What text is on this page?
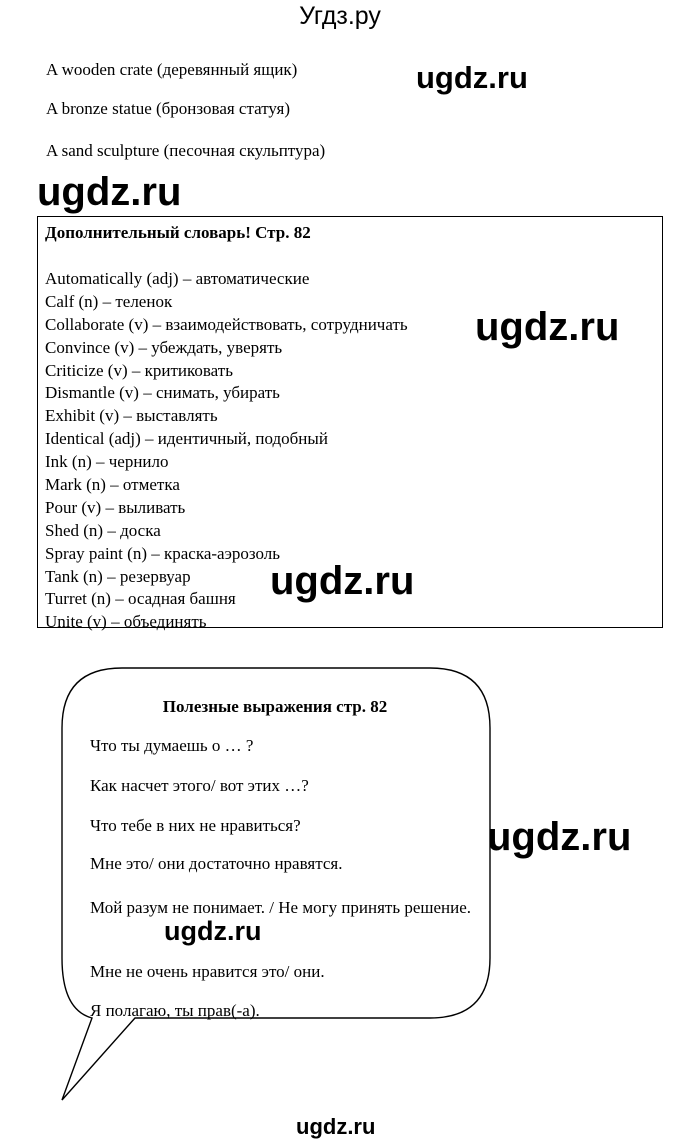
Угдз.ру
A wooden crate (деревянный ящик)
A bronze statue (бронзовая статуя)
A sand sculpture (песочная скульптура)
Дополнительный словарь! Стр. 82
Automatically (adj) – автоматические
Calf (n) – теленок
Collaborate (v) – взаимодействовать, сотрудничать
Convince (v) – убеждать, уверять
Criticize (v) – критиковать
Dismantle (v) – снимать, убирать
Exhibit (v) – выставлять
Identical (adj) – идентичный, подобный
Ink (n) – чернило
Mark (n) – отметка
Pour (v) – выливать
Shed (n) – доска
Spray paint (n) – краска-аэрозоль
Tank (n) – резервуар
Turret (n) – осадная башня
Unite (v) – объединять
Полезные выражения стр. 82
Что ты думаешь о … ?
Как насчет этого/ вот этих …?
Что тебе в них не нравиться?
Мне это/ они достаточно нравятся.
Мой разум не понимает. / Не могу принять решение.
Мне не очень нравится это/ они.
Я полагаю, ты прав(-а).
ugdz.ru
ugdz.ru
ugdz.ru
ugdz.ru
ugdz.ru
ugdz.ru
ugdz.ru
